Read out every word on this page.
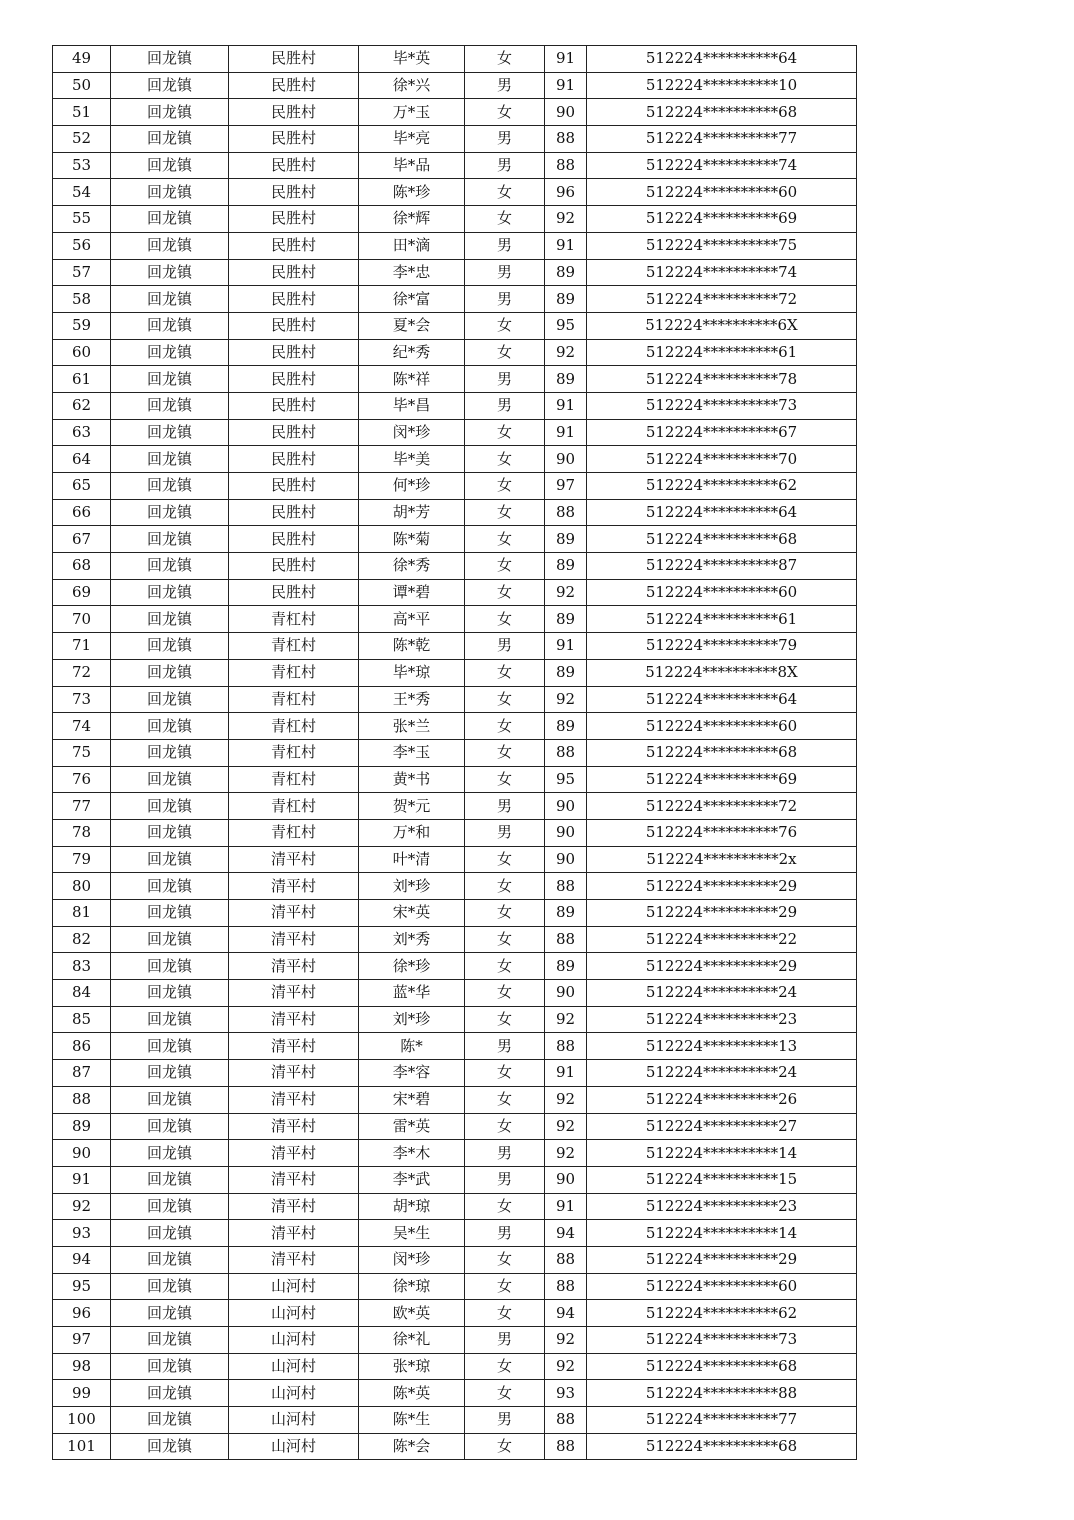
49	回龙镇	民胜村	毕*英	女	91	512224**********64
50	回龙镇	民胜村	徐*兴	男	91	512224**********10
51	回龙镇	民胜村	万*玉	女	90	512224**********68
52	回龙镇	民胜村	毕*亮	男	88	512224**********77
53	回龙镇	民胜村	毕*品	男	88	512224**********74
54	回龙镇	民胜村	陈*珍	女	96	512224**********60
55	回龙镇	民胜村	徐*辉	女	92	512224**********69
56	回龙镇	民胜村	田*滴	男	91	512224**********75
57	回龙镇	民胜村	李*忠	男	89	512224**********74
58	回龙镇	民胜村	徐*富	男	89	512224**********72
59	回龙镇	民胜村	夏*会	女	95	512224**********6X
60	回龙镇	民胜村	纪*秀	女	92	512224**********61
61	回龙镇	民胜村	陈*祥	男	89	512224**********78
62	回龙镇	民胜村	毕*昌	男	91	512224**********73
63	回龙镇	民胜村	闵*珍	女	91	512224**********67
64	回龙镇	民胜村	毕*美	女	90	512224**********70
65	回龙镇	民胜村	何*珍	女	97	512224**********62
66	回龙镇	民胜村	胡*芳	女	88	512224**********64
67	回龙镇	民胜村	陈*菊	女	89	512224**********68
68	回龙镇	民胜村	徐*秀	女	89	512224**********87
69	回龙镇	民胜村	谭*碧	女	92	512224**********60
70	回龙镇	青杠村	高*平	女	89	512224**********61
71	回龙镇	青杠村	陈*乾	男	91	512224**********79
72	回龙镇	青杠村	毕*琼	女	89	512224**********8X
73	回龙镇	青杠村	王*秀	女	92	512224**********64
74	回龙镇	青杠村	张*兰	女	89	512224**********60
75	回龙镇	青杠村	李*玉	女	88	512224**********68
76	回龙镇	青杠村	黄*书	女	95	512224**********69
77	回龙镇	青杠村	贺*元	男	90	512224**********72
78	回龙镇	青杠村	万*和	男	90	512224**********76
79	回龙镇	清平村	叶*清	女	90	512224**********2x
80	回龙镇	清平村	刘*珍	女	88	512224**********29
81	回龙镇	清平村	宋*英	女	89	512224**********29
82	回龙镇	清平村	刘*秀	女	88	512224**********22
83	回龙镇	清平村	徐*珍	女	89	512224**********29
84	回龙镇	清平村	蓝*华	女	90	512224**********24
85	回龙镇	清平村	刘*珍	女	92	512224**********23
86	回龙镇	清平村	陈*	男	88	512224**********13
87	回龙镇	清平村	李*容	女	91	512224**********24
88	回龙镇	清平村	宋*碧	女	92	512224**********26
89	回龙镇	清平村	雷*英	女	92	512224**********27
90	回龙镇	清平村	李*木	男	92	512224**********14
91	回龙镇	清平村	李*武	男	90	512224**********15
92	回龙镇	清平村	胡*琼	女	91	512224**********23
93	回龙镇	清平村	吴*生	男	94	512224**********14
94	回龙镇	清平村	闵*珍	女	88	512224**********29
95	回龙镇	山河村	徐*琼	女	88	512224**********60
96	回龙镇	山河村	欧*英	女	94	512224**********62
97	回龙镇	山河村	徐*礼	男	92	512224**********73
98	回龙镇	山河村	张*琼	女	92	512224**********68
99	回龙镇	山河村	陈*英	女	93	512224**********88
100	回龙镇	山河村	陈*生	男	88	512224**********77
101	回龙镇	山河村	陈*会	女	88	512224**********68
